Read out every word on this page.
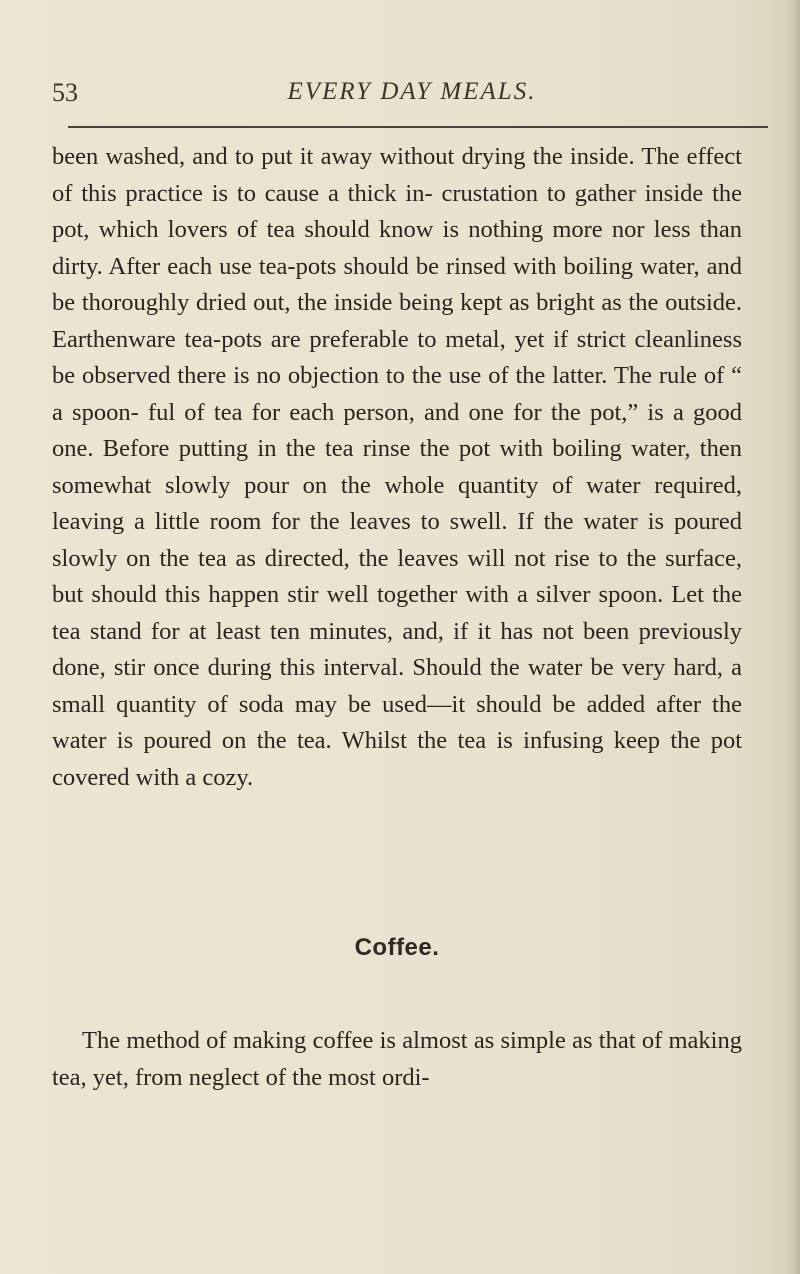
53	EVERY DAY MEALS.

been washed, and to put it away without drying the inside. The effect of this practice is to cause a thick in- crustation to gather inside the pot, which lovers of tea should know is nothing more nor less than dirty. After each use tea-pots should be rinsed with boiling water, and be thoroughly dried out, the inside being kept as bright as the outside. Earthenware tea-pots are preferable to metal, yet if strict cleanliness be observed there is no objection to the use of the latter. The rule of “ a spoon- ful of tea for each person, and one for the pot,” is a good one. Before putting in the tea rinse the pot with boiling water, then somewhat slowly pour on the whole quantity of water required, leaving a little room for the leaves to swell. If the water is poured slowly on the tea as directed, the leaves will not rise to the surface, but should this happen stir well together with a silver spoon. Let the tea stand for at least ten minutes, and, if it has not been previously done, stir once during this interval. Should the water be very hard, a small quantity of soda may be used—it should be added after the water is poured on the tea. Whilst the tea is infusing keep the pot covered with a cozy.

Coffee.

The method of making coffee is almost as simple as that of making tea, yet, from neglect of the most ordi-
